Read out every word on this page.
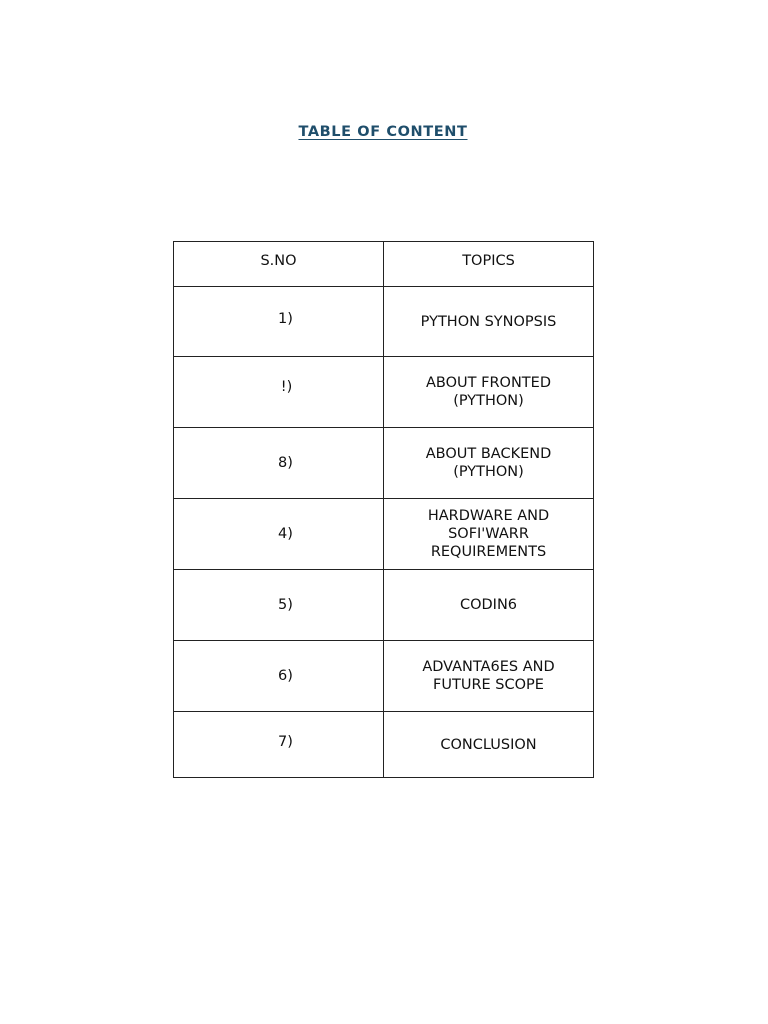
TABLE OF CONTENT
S.NO	TOPICS
1)	PYTHON SYNOPSIS
!)	ABOUT FRONTED
(PYTHON)
8)	ABOUT BACKEND
(PYTHON)
4)	HARDWARE AND
SOFI'WARR
REQUIREMENTS
5)	CODIN6
6)	ADVANTA6ES AND
FUTURE SCOPE
7)	CONCLUSION
